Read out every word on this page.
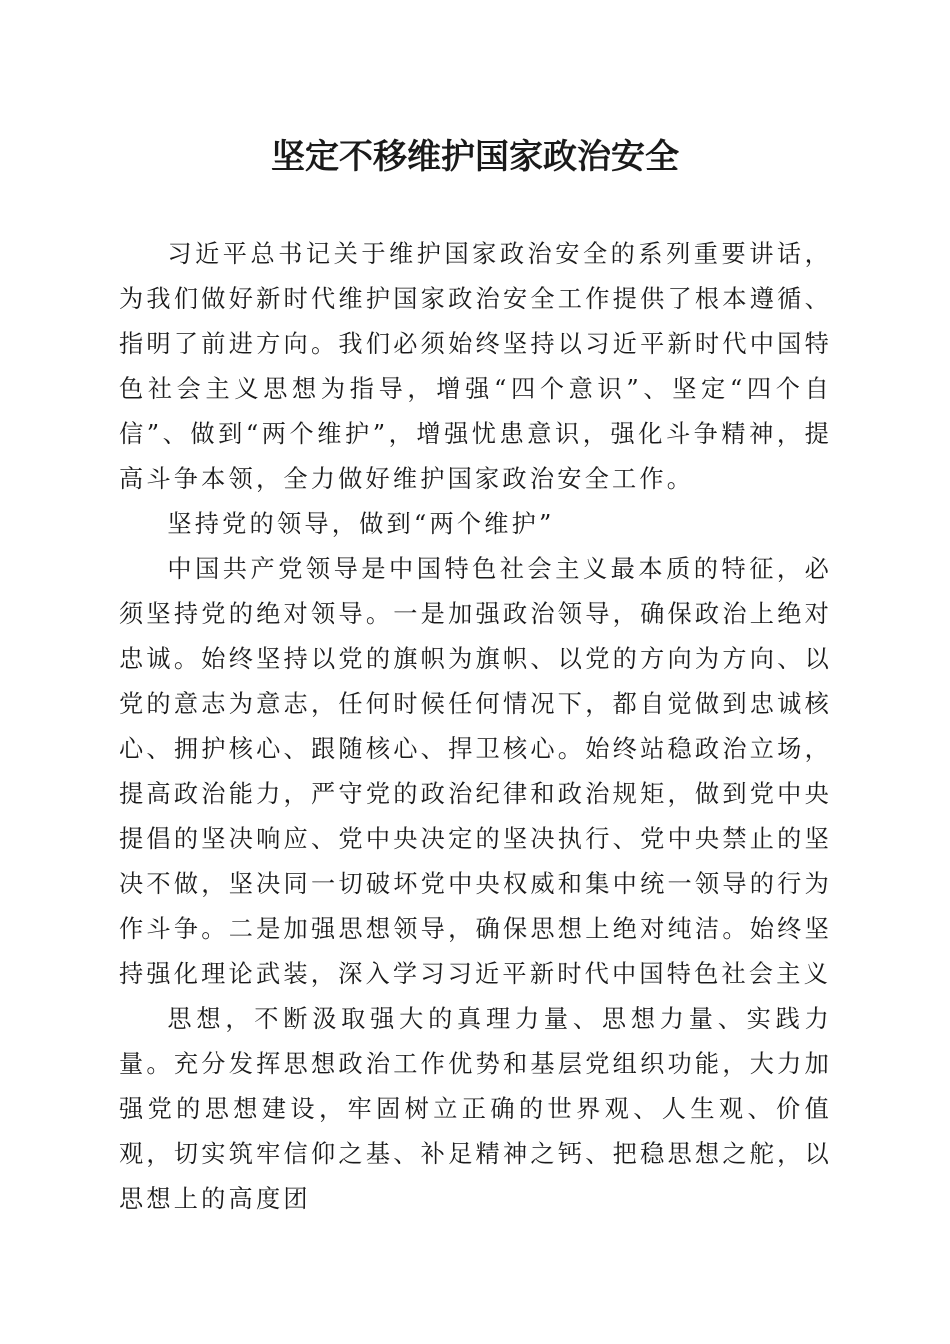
坚定不移维护国家政治安全

习近平总书记关于维护国家政治安全的系列重要讲话，为我们做好新时代维护国家政治安全工作提供了根本遵循、指明了前进方向。我们必须始终坚持以习近平新时代中国特色社会主义思想为指导，增强“四个意识”、坚定“四个自信”、做到“两个维护”，增强忧患意识，强化斗争精神，提高斗争本领，全力做好维护国家政治安全工作。

坚持党的领导，做到“两个维护”

中国共产党领导是中国特色社会主义最本质的特征，必须坚持党的绝对领导。一是加强政治领导，确保政治上绝对忠诚。始终坚持以党的旗帜为旗帜、以党的方向为方向、以党的意志为意志，任何时候任何情况下，都自觉做到忠诚核心、拥护核心、跟随核心、捍卫核心。始终站稳政治立场，提高政治能力，严守党的政治纪律和政治规矩，做到党中央提倡的坚决响应、党中央决定的坚决执行、党中央禁止的坚决不做，坚决同一切破坏党中央权威和集中统一领导的行为作斗争。二是加强思想领导，确保思想上绝对纯洁。始终坚持强化理论武装，深入学习习近平新时代中国特色社会主义

思想，不断汲取强大的真理力量、思想力量、实践力量。充分发挥思想政治工作优势和基层党组织功能，大力加强党的思想建设，牢固树立正确的世界观、人生观、价值观，切实筑牢信仰之基、补足精神之钙、把稳思想之舵，以思想上的高度团
